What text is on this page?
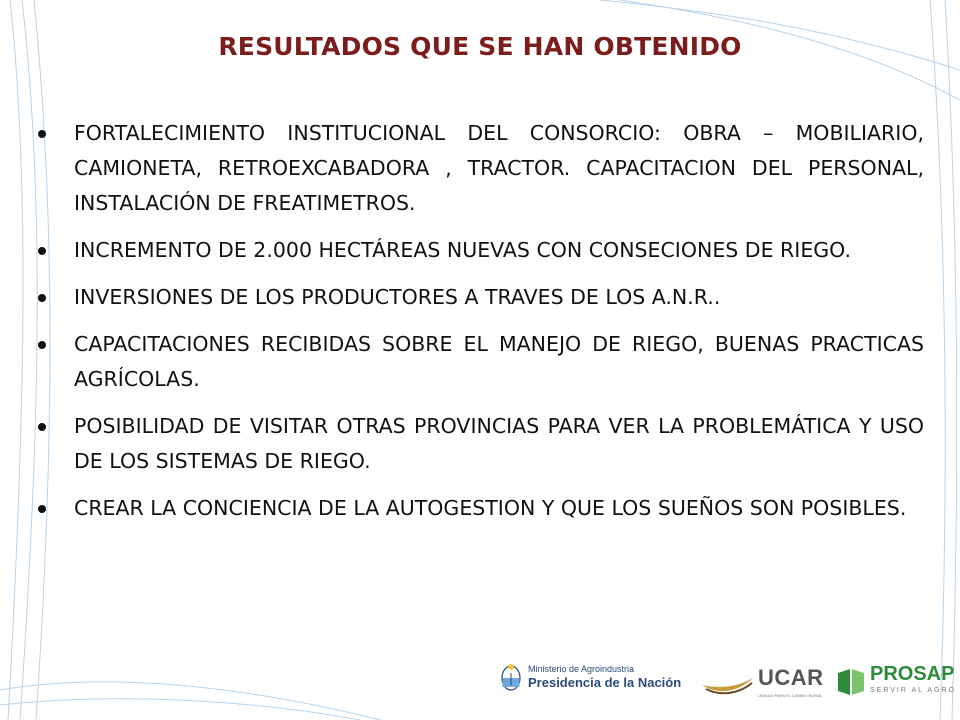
RESULTADOS QUE SE HAN OBTENIDO
FORTALECIMIENTO INSTITUCIONAL DEL CONSORCIO: OBRA – MOBILIARIO, CAMIONETA, RETROEXCABADORA , TRACTOR. CAPACITACION DEL PERSONAL, INSTALACIÓN DE FREATIMETROS.
INCREMENTO DE 2.000 HECTÁREAS NUEVAS CON CONSECIONES DE RIEGO.
INVERSIONES DE LOS PRODUCTORES A TRAVES DE LOS A.N.R..
CAPACITACIONES RECIBIDAS SOBRE EL MANEJO DE RIEGO, BUENAS PRACTICAS AGRÍCOLAS.
POSIBILIDAD DE VISITAR OTRAS PROVINCIAS PARA VER LA PROBLEMÁTICA Y USO DE LOS SISTEMAS DE RIEGO.
CREAR LA CONCIENCIA DE LA AUTOGESTION Y QUE LOS SUEÑOS SON POSIBLES.
Ministerio de Agroindustria
Presidencia de la Nación	UCAR
UNIDAD PARA EL CAMBIO RURAL
PROSAP
SERVIR AL AGRO
